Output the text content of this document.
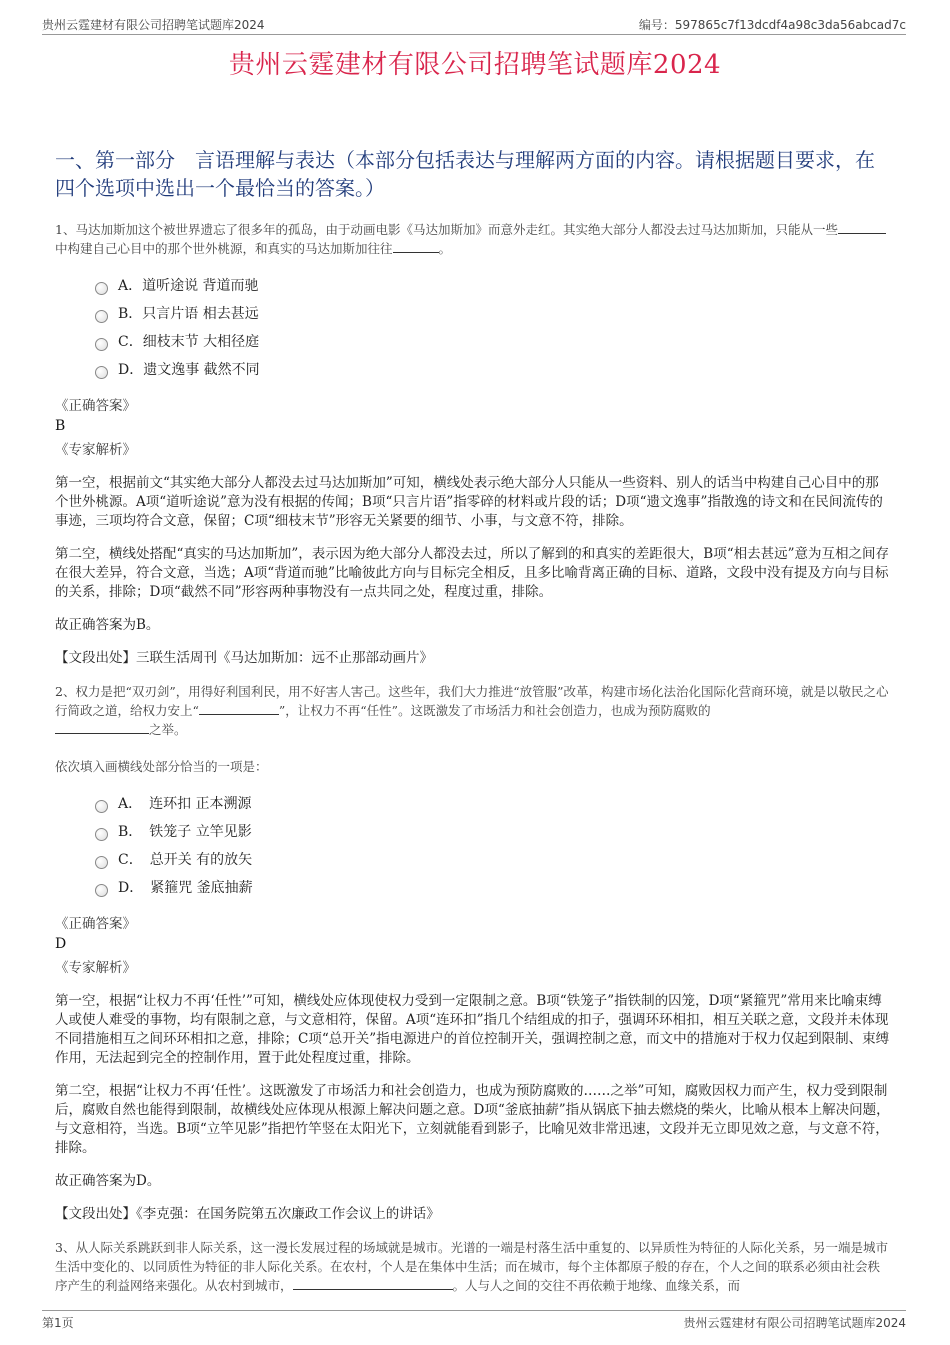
贵州云霆建材有限公司招聘笔试题库2024	编号：597865c7f13dcdf4a98c3da56abcad7c
贵州云霆建材有限公司招聘笔试题库2024
一、第一部分　言语理解与表达（本部分包括表达与理解两方面的内容。请根据题目要求，在四个选项中选出一个最恰当的答案。）

1、马达加斯加这个被世界遗忘了很多年的孤岛，由于动画电影《马达加斯加》而意外走红。其实绝大部分人都没去过马达加斯加，只能从一些中构建自己心目中的那个世外桃源，和真实的马达加斯加往往	。

A．道听途说 背道而驰
B．只言片语 相去甚远
C．细枝末节 大相径庭
D．遗文逸事 截然不同
《正确答案》
B
《专家解析》

第一空，根据前文“其实绝大部分人都没去过马达加斯加”可知，横线处表示绝大部分人只能从一些资料、别人的话当中构建自己心目中的那个世外桃源。A项“道听途说”意为没有根据的传闻；B项“只言片语”指零碎的材料或片段的话；D项“遗文逸事”指散逸的诗文和在民间流传的事迹，三项均符合文意，保留；C项“细枝末节”形容无关紧要的细节、小事，与文意不符，排除。

第二空，横线处搭配“真实的马达加斯加”，表示因为绝大部分人都没去过，所以了解到的和真实的差距很大，B项“相去甚远”意为互相之间存在很大差异，符合文意，当选；A项“背道而驰”比喻彼此方向与目标完全相反，且多比喻背离正确的目标、道路，文段中没有提及方向与目标的关系，排除；D项“截然不同”形容两种事物没有一点共同之处，程度过重，排除。

故正确答案为B。

【文段出处】三联生活周刊《马达加斯加：远不止那部动画片》

2、权力是把“双刃剑”，用得好利国利民，用不好害人害己。这些年，我们大力推进“放管服”改革，构建市场化法治化国际化营商环境，就是以敬民之心行简政之道，给权力安上“	”，让权力不再“任性”。这既激发了市场活力和社会创造力，也成为预防腐败的
之举。

依次填入画横线处部分恰当的一项是：

A．　连环扣 正本溯源
B．　铁笼子 立竿见影
C．　总开关 有的放矢
D．　紧箍咒 釜底抽薪
《正确答案》
D
《专家解析》

第一空，根据“让权力不再‘任性’”可知，横线处应体现使权力受到一定限制之意。B项“铁笼子”指铁制的囚笼，D项“紧箍咒”常用来比喻束缚人或使人难受的事物，均有限制之意，与文意相符，保留。A项“连环扣”指几个结组成的扣子，强调环环相扣，相互关联之意，文段并未体现不同措施相互之间环环相扣之意，排除；C项“总开关”指电源进户的首位控制开关，强调控制之意，而文中的措施对于权力仅起到限制、束缚作用，无法起到完全的控制作用，置于此处程度过重，排除。

第二空，根据“让权力不再‘任性’。这既激发了市场活力和社会创造力，也成为预防腐败的……之举”可知，腐败因权力而产生，权力受到限制后，腐败自然也能得到限制，故横线处应体现从根源上解决问题之意。D项“釜底抽薪”指从锅底下抽去燃烧的柴火，比喻从根本上解决问题，与文意相符，当选。B项“立竿见影”指把竹竿竖在太阳光下，立刻就能看到影子，比喻见效非常迅速，文段并无立即见效之意，与文意不符，排除。

故正确答案为D。

【文段出处】《李克强：在国务院第五次廉政工作会议上的讲话》

3、从人际关系跳跃到非人际关系，这一漫长发展过程的场域就是城市。光谱的一端是村落生活中重复的、以异质性为特征的人际化关系，另一端是城市生活中变化的、以同质性为特征的非人际化关系。在农村，个人是在集体中生活；而在城市，每个主体都原子般的存在，个人之间的联系必须由社会秩序产生的利益网络来强化。从农村到城市，	。人与人之间的交往不再依赖于地缘、血缘关系，而

第1页	贵州云霆建材有限公司招聘笔试题库2024
